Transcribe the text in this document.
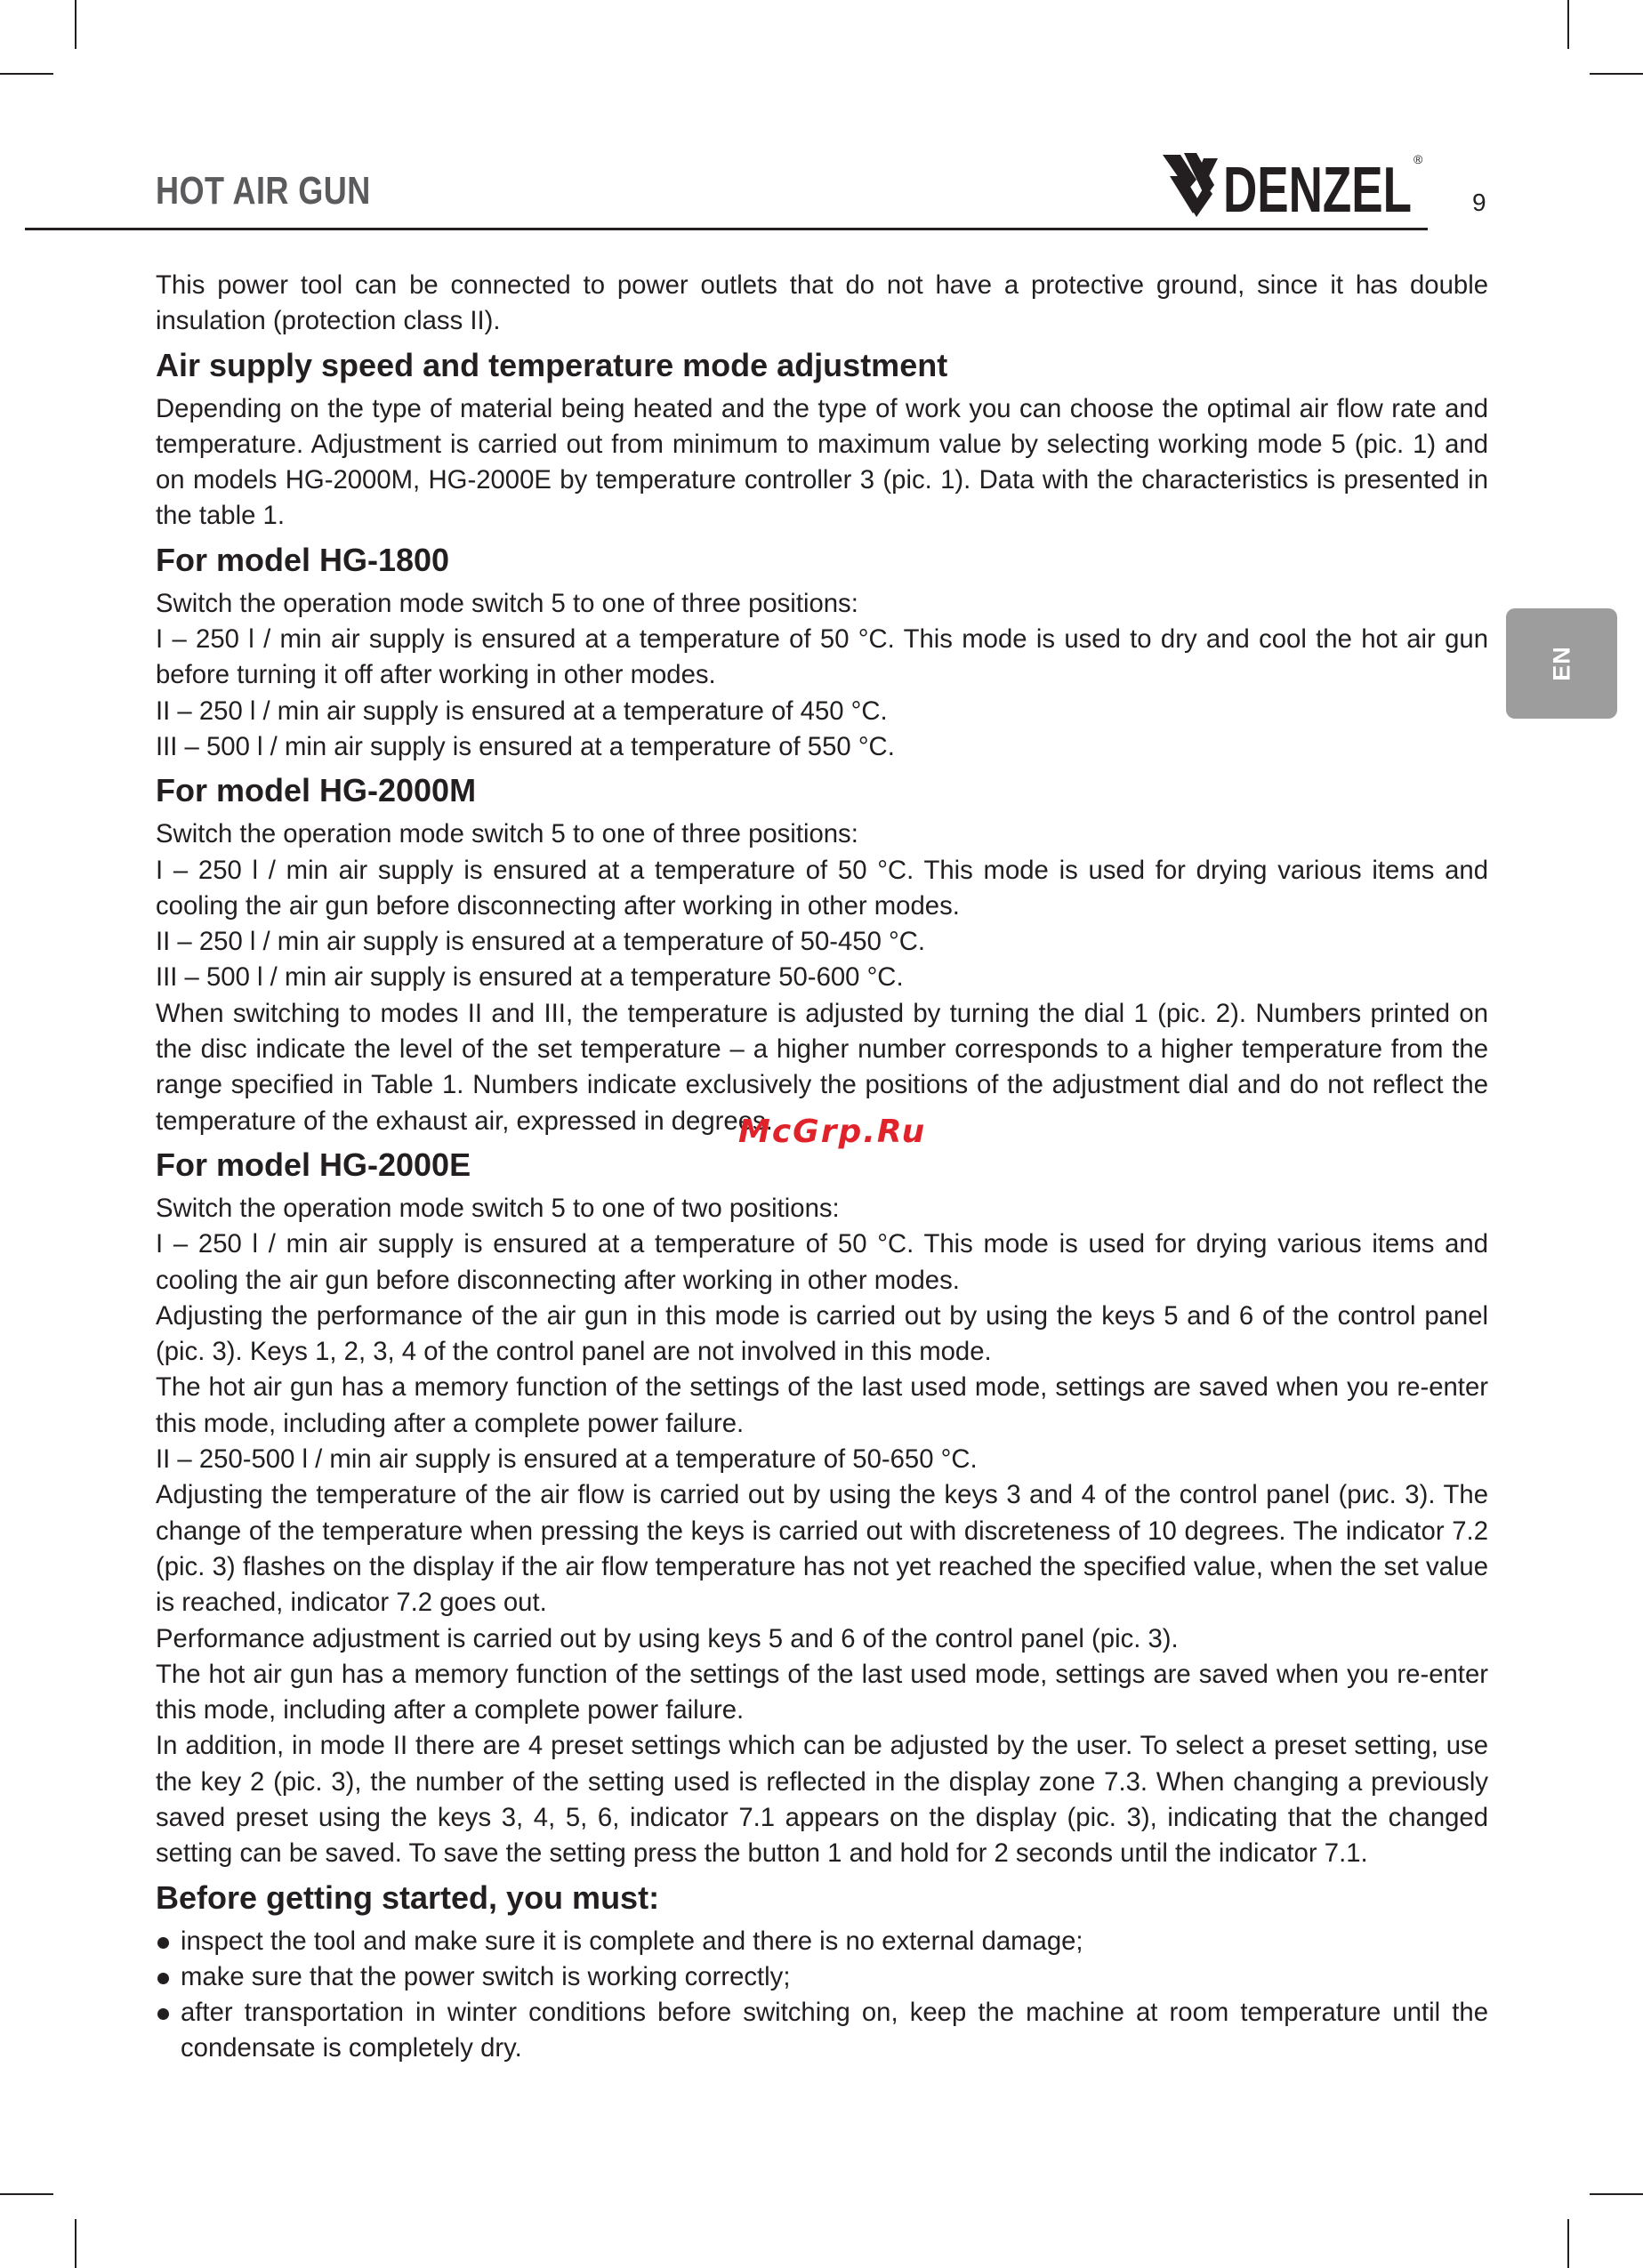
HOT AIR GUN	DENZEL ®
9
EN

This power tool can be connected to power outlets that do not have a protective ground, since it has double insulation (protection class II).

Air supply speed and temperature mode adjustment

Depending on the type of material being heated and the type of work you can choose the optimal air flow rate and temperature. Adjustment is carried out from minimum to maximum value by selecting working mode 5 (pic. 1) and on models HG-2000M, HG-2000E by temperature controller 3 (pic. 1). Data with the characteristics is presented in the table 1.

For model HG-1800

Switch the operation mode switch 5 to one of three positions:

I – 250 l / min air supply is ensured at a temperature of 50 °C. This mode is used to dry and cool the hot air gun before turning it off after working in other modes.

II – 250 l / min air supply is ensured at a temperature of 450 °C.

III – 500 l / min air supply is ensured at a temperature of 550 °C.

For model HG-2000M

Switch the operation mode switch 5 to one of three positions:

I – 250 l / min air supply is ensured at a temperature of 50 °C. This mode is used for drying various items and cooling the air gun before disconnecting after working in other modes.

II – 250 l / min air supply is ensured at a temperature of 50-450 °C.

III – 500 l / min air supply is ensured at a temperature 50-600 °C.

When switching to modes II and III, the temperature is adjusted by turning the dial 1 (pic. 2). Numbers printed on the disc indicate the level of the set temperature – a higher number corresponds to a higher temperature from the range specified in Table 1. Numbers indicate exclusively the positions of the adjustment dial and do not reflect the temperature of the exhaust air, expressed in degrees.

For model HG-2000E

Switch the operation mode switch 5 to one of two positions:

I – 250 l / min air supply is ensured at a temperature of 50 °C. This mode is used for drying various items and cooling the air gun before disconnecting after working in other modes.

Adjusting the performance of the air gun in this mode is carried out by using the keys 5 and 6 of the control panel (pic. 3). Keys 1, 2, 3, 4 of the control panel are not involved in this mode.

The hot air gun has a memory function of the settings of the last used mode, settings are saved when you re-enter this mode, including after a complete power failure.

II – 250-500 l / min air supply is ensured at a temperature of 50-650 °C.

Adjusting the temperature of the air flow is carried out by using the keys 3 and 4 of the control panel (рис. 3). The change of the temperature when pressing the keys is carried out with discreteness of 10 degrees. The indicator 7.2 (pic. 3) flashes on the display if the air flow temperature has not yet reached the specified value, when the set value is reached, indicator 7.2 goes out.

Performance adjustment is carried out by using keys 5 and 6 of the control panel (pic. 3).

The hot air gun has a memory function of the settings of the last used mode, settings are saved when you re-enter this mode, including after a complete power failure.

In addition, in mode II there are 4 preset settings which can be adjusted by the user. To select a preset setting, use the key 2 (pic. 3), the number of the setting used is reflected in the display zone 7.3. When changing a previously saved preset using the keys 3, 4, 5, 6, indicator 7.1 appears on the display (pic. 3), indicating that the changed setting can be saved. To save the setting press the button 1 and hold for 2 seconds until the indicator 7.1.

Before getting started, you must:
inspect the tool and make sure it is complete and there is no external damage;
make sure that the power switch is working correctly;
after transportation in winter conditions before switching on, keep the machine at room temperature until the condensate is completely dry.
McGrp.Ru
